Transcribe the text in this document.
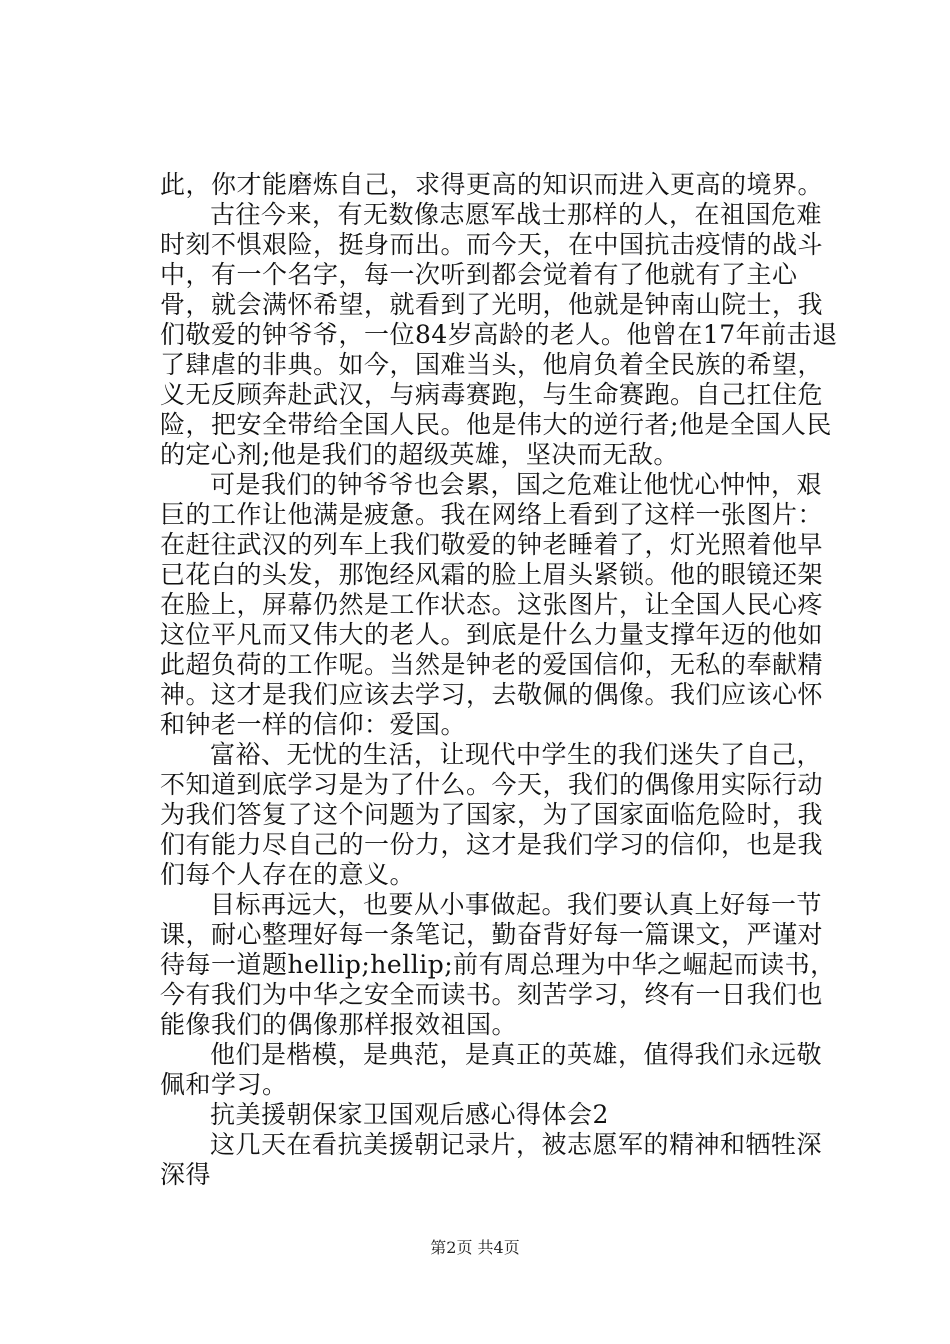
此，你才能磨炼自己，求得更高的知识而进入更高的境界。

古往今来，有无数像志愿军战士那样的人，在祖国危难时刻不惧艰险，挺身而出。而今天，在中国抗击疫情的战斗中，有一个名字，每一次听到都会觉着有了他就有了主心骨，就会满怀希望，就看到了光明，他就是钟南山院士，我们敬爱的钟爷爷，一位84岁高龄的老人。他曾在17年前击退了肆虐的非典。如今，国难当头，他肩负着全民族的希望，义无反顾奔赴武汉，与病毒赛跑，与生命赛跑。自己扛住危险，把安全带给全国人民。他是伟大的逆行者;他是全国人民的定心剂;他是我们的超级英雄，坚决而无敌。

可是我们的钟爷爷也会累，国之危难让他忧心忡忡，艰巨的工作让他满是疲惫。我在网络上看到了这样一张图片：在赶往武汉的列车上我们敬爱的钟老睡着了，灯光照着他早已花白的头发，那饱经风霜的脸上眉头紧锁。他的眼镜还架在脸上，屏幕仍然是工作状态。这张图片，让全国人民心疼这位平凡而又伟大的老人。到底是什么力量支撑年迈的他如此超负荷的工作呢。当然是钟老的爱国信仰，无私的奉献精神。这才是我们应该去学习，去敬佩的偶像。我们应该心怀和钟老一样的信仰：爱国。

富裕、无忧的生活，让现代中学生的我们迷失了自己，不知道到底学习是为了什么。今天，我们的偶像用实际行动为我们答复了这个问题为了国家，为了国家面临危险时，我们有能力尽自己的一份力，这才是我们学习的信仰，也是我们每个人存在的意义。

目标再远大，也要从小事做起。我们要认真上好每一节课，耐心整理好每一条笔记，勤奋背好每一篇课文，严谨对待每一道题hellip;hellip;前有周总理为中华之崛起而读书，今有我们为中华之安全而读书。刻苦学习，终有一日我们也能像我们的偶像那样报效祖国。

他们是楷模，是典范，是真正的英雄，值得我们永远敬佩和学习。

抗美援朝保家卫国观后感心得体会2

这几天在看抗美援朝记录片，被志愿军的精神和牺牲深深得

第2页 共4页
